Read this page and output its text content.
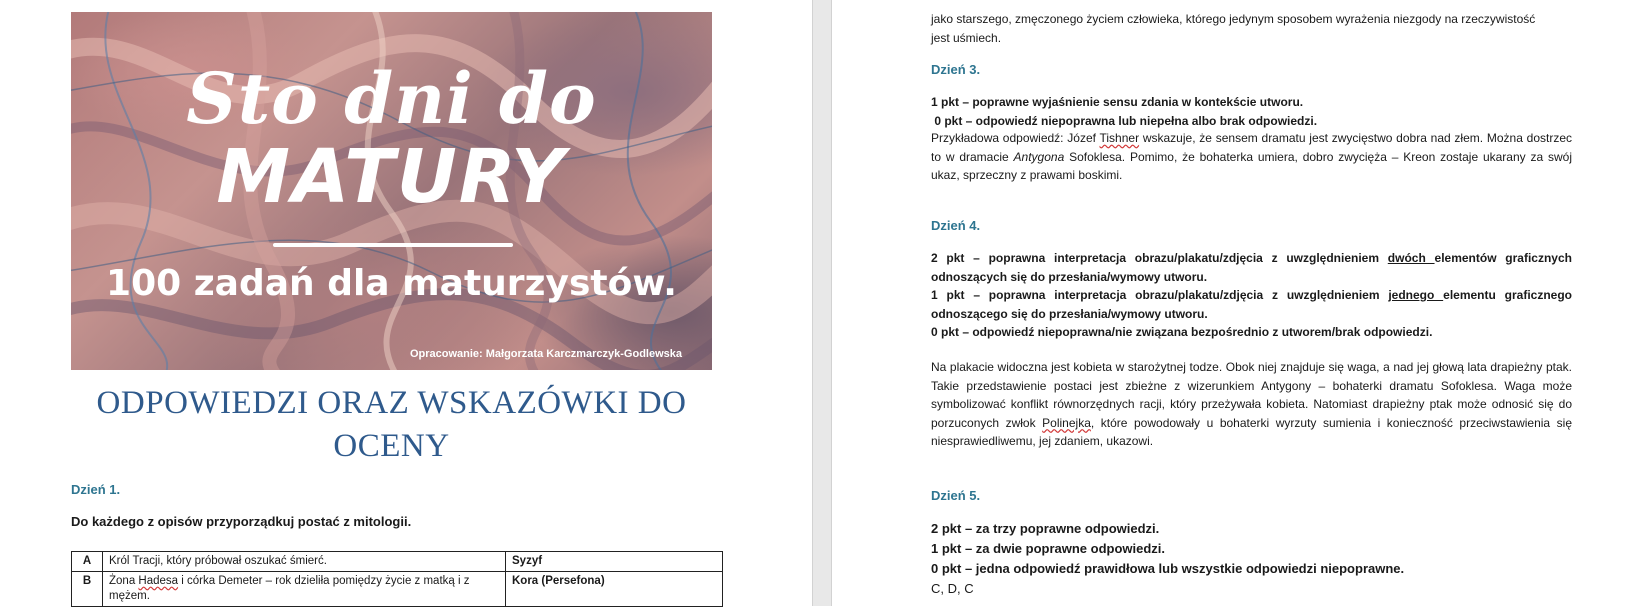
Sto dni do
MATURY
100 zadań dla maturzystów.
Opracowanie: Małgorzata Karczmarczyk-Godlewska
ODPOWIEDZI ORAZ WSKAZÓWKI DO OCENY
Dzień 1.
Do każdego z opisów przyporządkuj postać z mitologii.
A	Król Tracji, który próbował oszukać śmierć.	Syzyf
B	Żona Hadesa i córka Demeter – rok dzieliła pomiędzy życie z matką i z mężem.	Kora (Persefona)
jako starszego, zmęczonego życiem człowieka, którego jedynym sposobem wyrażenia niezgody na rzeczywistość
jest uśmiech.
Dzień 3.
1 pkt – poprawne wyjaśnienie sensu zdania w kontekście utworu.
0 pkt – odpowiedź niepoprawna lub niepełna albo brak odpowiedzi.
Przykładowa odpowiedź: Józef Tishner wskazuje, że sensem dramatu jest zwycięstwo dobra nad złem. Można dostrzec to w dramacie Antygona Sofoklesa. Pomimo, że bohaterka umiera, dobro zwycięża – Kreon zostaje ukarany za swój ukaz, sprzeczny z prawami boskimi.
Dzień 4.
2 pkt – poprawna interpretacja obrazu/plakatu/zdjęcia z uwzględnieniem dwóch elementów graficznych odnoszących się do przesłania/wymowy utworu.
1 pkt – poprawna interpretacja obrazu/plakatu/zdjęcia z uwzględnieniem jednego elementu graficznego odnoszącego się do przesłania/wymowy utworu.
0 pkt – odpowiedź niepoprawna/nie związana bezpośrednio z utworem/brak odpowiedzi.
Na plakacie widoczna jest kobieta w starożytnej todze. Obok niej znajduje się waga, a nad jej głową lata drapieżny ptak. Takie przedstawienie postaci jest zbieżne z wizerunkiem Antygony – bohaterki dramatu Sofoklesa. Waga może symbolizować konflikt równorzędnych racji, który przeżywała kobieta. Natomiast drapieżny ptak może odnosić się do porzuconych zwłok Polinejka, które powodowały u bohaterki wyrzuty sumienia i konieczność przeciwstawienia się niesprawiedliwemu, jej zdaniem, ukazowi.
Dzień 5.
2 pkt – za trzy poprawne odpowiedzi.
1 pkt – za dwie poprawne odpowiedzi.
0 pkt – jedna odpowiedź prawidłowa lub wszystkie odpowiedzi niepoprawne.
C, D, C
